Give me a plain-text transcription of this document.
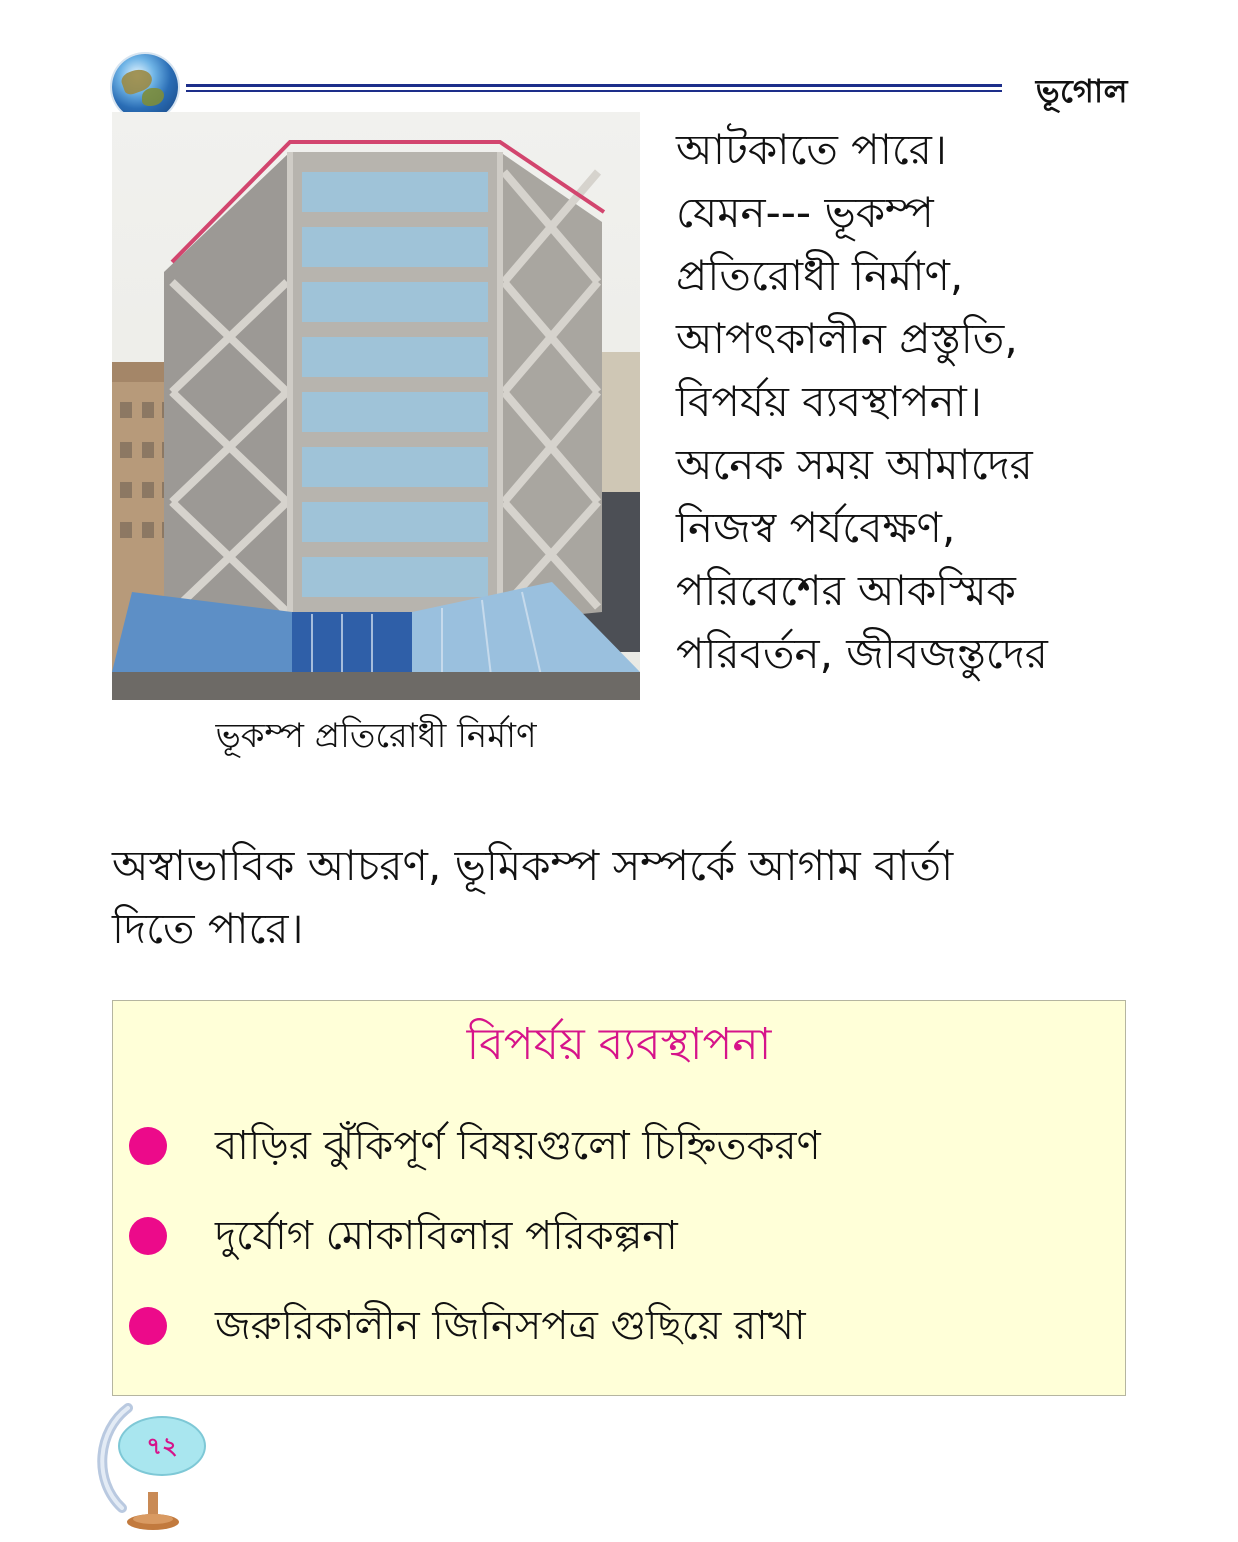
ভূগোল
ভূকম্প প্রতিরোধী নির্মাণ

আটকাতে পারে।

যেমন--- ভূকম্প

প্রতিরোধী নির্মাণ,

আপৎকালীন প্রস্তুতি,

বিপর্যয় ব্যবস্থাপনা।

অনেক সময় আমাদের

নিজস্ব পর্যবেক্ষণ,

পরিবেশের আকস্মিক

পরিবর্তন, জীবজন্তুদের

অস্বাভাবিক আচরণ, ভূমিকম্প সম্পর্কে আগাম বার্তা

দিতে পারে।

বিপর্যয় ব্যবস্থাপনা
বাড়ির ঝুঁকিপূর্ণ বিষয়গুলো চিহ্নিতকরণ
দুর্যোগ মোকাবিলার পরিকল্পনা
জরুরিকালীন জিনিসপত্র গুছিয়ে রাখা
৭২
